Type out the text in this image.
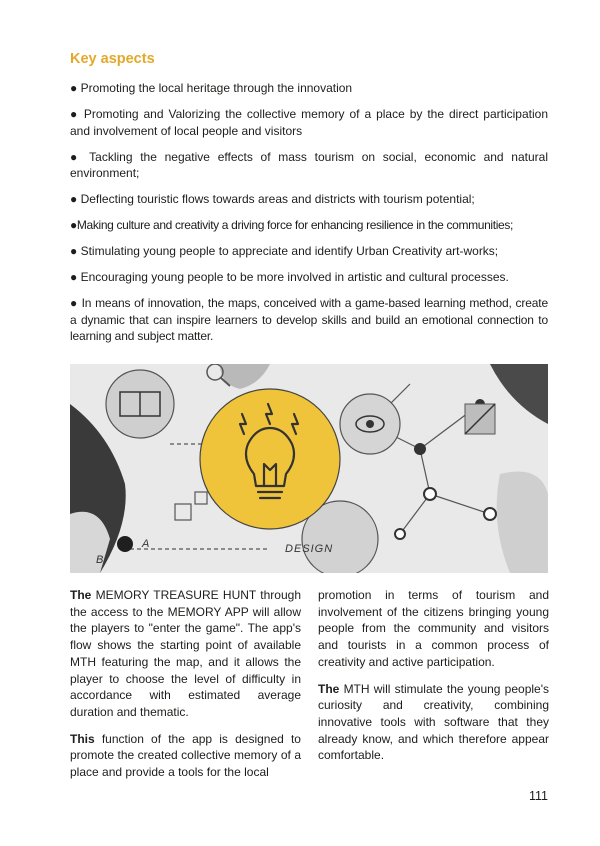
Key aspects
● Promoting the local heritage through the innovation
● Promoting and Valorizing the collective memory of a place by the direct participation and involvement of local people and visitors
● Tackling the negative effects of mass tourism on social, economic and natural environment;
● Deflecting touristic flows towards areas and districts with tourism potential;
●Making culture and creativity a driving force for enhancing resilience in the communities;
● Stimulating young people to appreciate and identify Urban Creativity art-works;
● Encouraging young people to be more involved in artistic and cultural processes.
● In means of innovation, the maps, conceived with a game-based learning method, create a dynamic that can inspire learners to develop skills and build an emotional connection to learning and subject matter.
DESIGN
A
B

The MEMORY TREASURE HUNT through the access to the MEMORY APP will allow the players to "enter the game". The app's flow shows the starting point of available MTH featuring the map, and it allows the player to choose the level of difficulty in accordance with estimated average duration and thematic.

This function of the app is designed to promote the created collective memory of a place and provide a tools for the local

promotion in terms of tourism and involvement of the citizens bringing young people from the community and visitors and tourists in a common process of creativity and active participation.

The MTH will stimulate the young people's curiosity and creativity, combining innovative tools with software that they already know, and which therefore appear comfortable.

111
